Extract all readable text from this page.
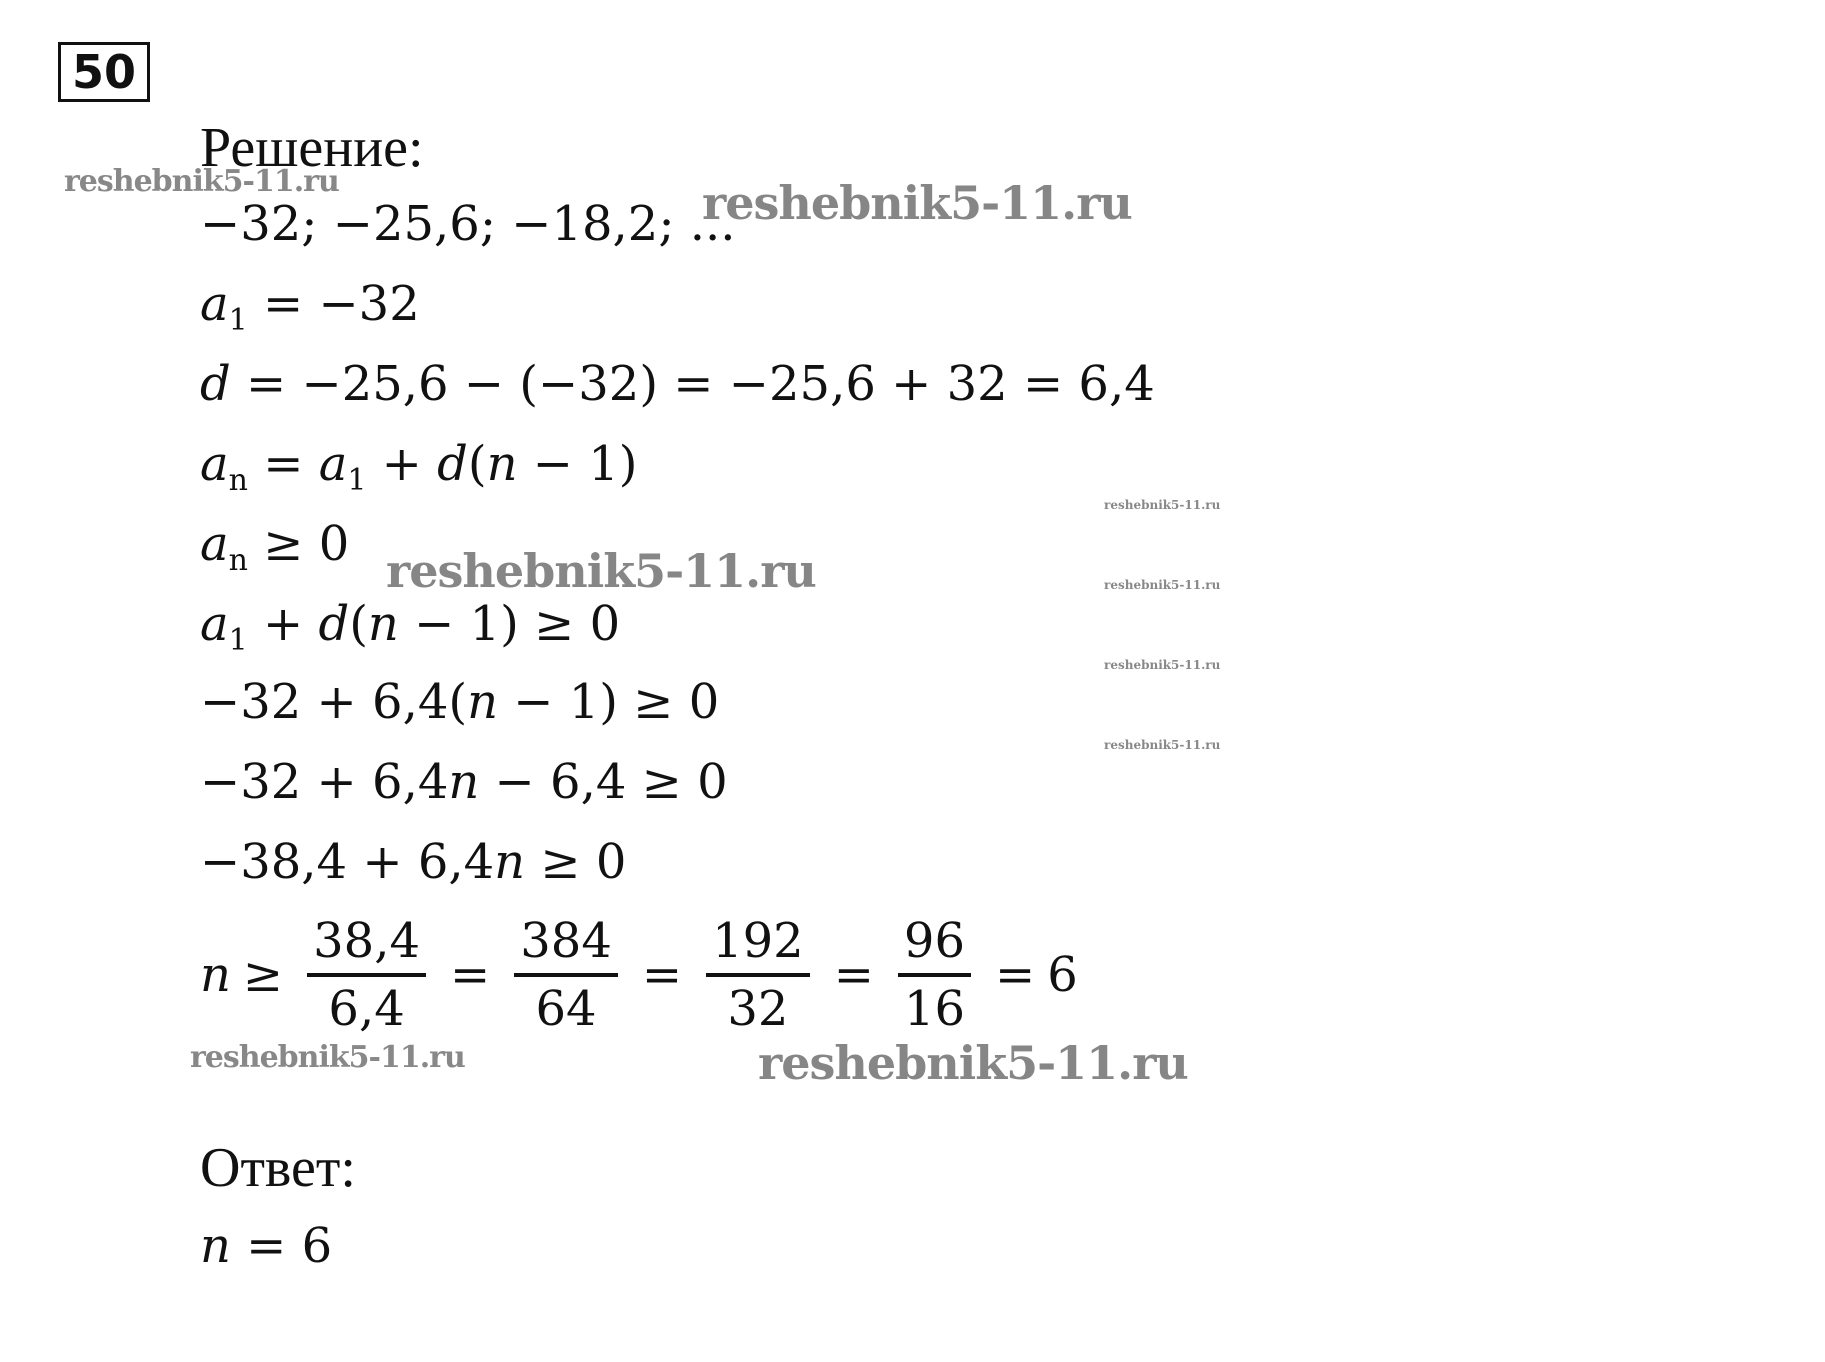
50
Решение:
−32; −25,6; −18,2; ...
$a_1 = -32$
d = −25,6 − (−32) = −25,6 + 32 = 6,4
$a_n = a_1 + d(n - 1)$
$a_n \ge 0$
$a_1 + d(n - 1) \ge 0$
−32 + 6,4(n − 1) ≥ 0
−32 + 6,4n − 6,4 ≥ 0
−38,4 + 6,4n ≥ 0
$n \ge \frac{38,4}{6,4} = \frac{384}{64} = \frac{192}{32} = \frac{96}{16} = 6$
Ответ:
n = 6
reshebnik5-11.ru	reshebnik5-11.ru
reshebnik5-11.ru
reshebnik5-11.ru	reshebnik5-11.ru
reshebnik5-11.ru
reshebnik5-11.ru
reshebnik5-11.ru
reshebnik5-11.ru
